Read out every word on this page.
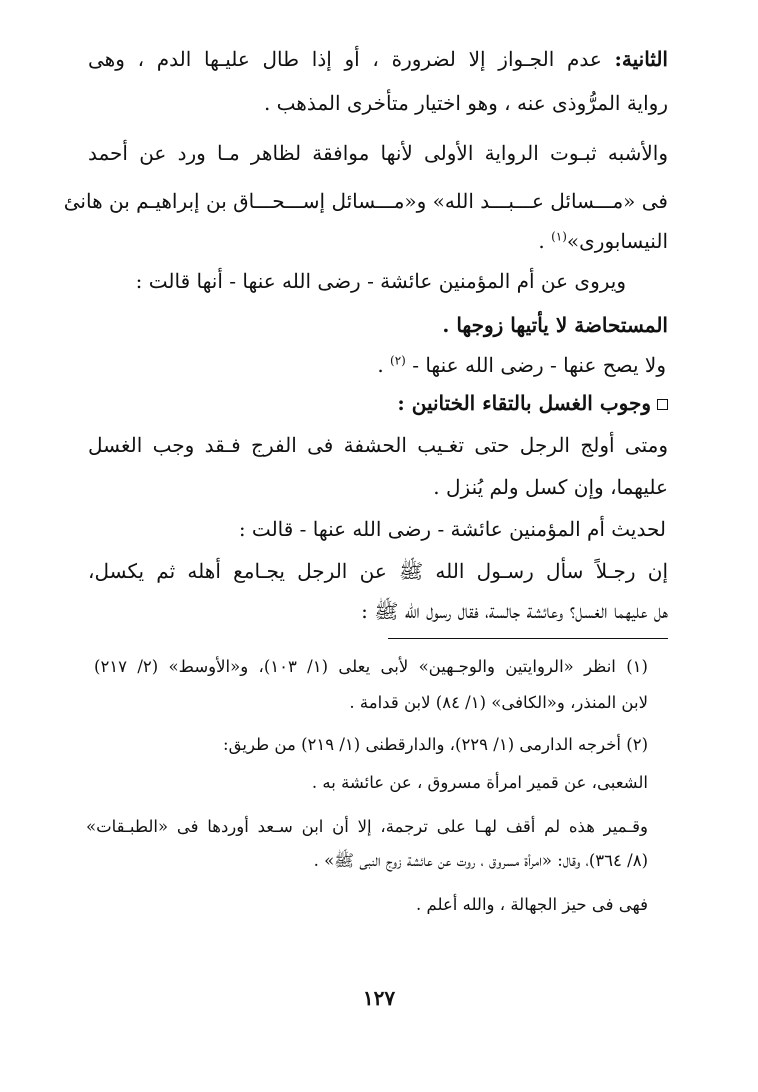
الثانية: عدم الجـواز إلا لضرورة ، أو إذا طال عليـها الدم ، وهى
رواية المرُّوذى عنه ، وهو اختيار متأخرى المذهب .
والأشبه ثبـوت الرواية الأولى لأنها موافقة لظاهر مـا ورد عن أحمد
فى «مـــسائل عـــبـــد الله» و«مـــسائل إســـحـــاق بن إبراهيـم بن هانئ
النيسابورى»$^{(١)}$ .
ويروى عن أم المؤمنين عائشة - رضى الله عنها - أنها قالت :
المستحاضة لا يأتيها زوجها .
ولا يصح عنها - رضى الله عنها - $^{(٢)}$ .
وجوب الغسل بالتقاء الختانين :
ومتى أولج الرجل حتى تغـيب الحشفة فى الفرج فـقد وجب الغسل
عليهما، وإن كسل ولم يُنزل .
لحديث أم المؤمنين عائشة - رضى الله عنها - قالت :
إن رجـلاً سأل رسـول الله ﷺ عن الرجل يجـامع أهله ثم يكسل،
هل عليهما الغسل؟ وعائشة جالسة، فقال رسول الله ﷺ :
(١) انظر «الروايتين والوجـهين» لأبى يعلى (١/ ١٠٣)، و«الأوسط» (٢/ ٢١٧)
لابن المنذر، و«الكافى» (١/ ٨٤) لابن قدامة .
(٢) أخرجه الدارمى (١/ ٢٢٩)، والدارقطنى (١/ ٢١٩) من طريق:
الشعبى، عن قمير امرأة مسروق ، عن عائشة به .
وقـمير هذه لم أقف لهـا على ترجمة، إلا أن ابن سـعد أوردها فى «الطبـقات»
(٨/ ٣٦٤)، وقال: «امرأة مسروق ، روت عن عائشة زوج النبى ﷺ» .
فهى فى حيز الجهالة ، والله أعلم .
١٢٧
